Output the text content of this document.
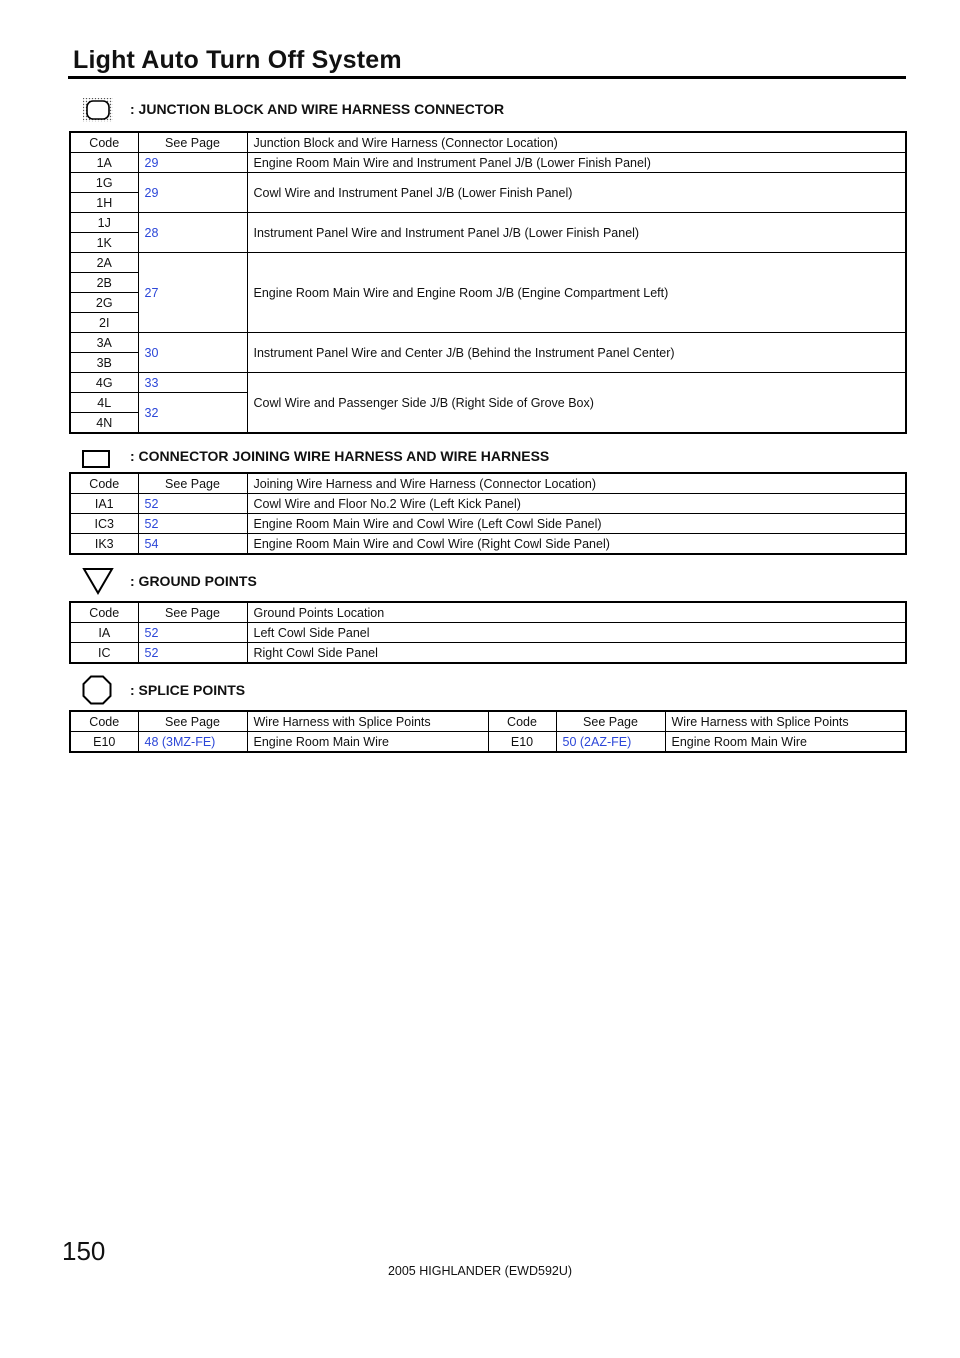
Light Auto Turn Off System
: JUNCTION BLOCK AND WIRE HARNESS CONNECTOR
Code	See Page	Junction Block and Wire Harness (Connector Location)
1A	29	Engine Room Main Wire and Instrument Panel J/B (Lower Finish Panel)
1G	29	Cowl Wire and Instrument Panel J/B (Lower Finish Panel)
1H		
1J	28	Instrument Panel Wire and Instrument Panel J/B (Lower Finish Panel)
1K		
2A	27	Engine Room Main Wire and Engine Room J/B (Engine Compartment Left)
2B		
2G		
2I		
3A	30	Instrument Panel Wire and Center J/B (Behind the Instrument Panel Center)
3B		
4G	33	Cowl Wire and Passenger Side J/B (Right Side of Grove Box)
4L	32	
4N		
: CONNECTOR JOINING WIRE HARNESS AND WIRE HARNESS
Code	See Page	Joining Wire Harness and Wire Harness (Connector Location)
IA1	52	Cowl Wire and Floor No.2 Wire (Left Kick Panel)
IC3	52	Engine Room Main Wire and Cowl Wire (Left Cowl Side Panel)
IK3	54	Engine Room Main Wire and Cowl Wire (Right Cowl Side Panel)
: GROUND POINTS
Code	See Page	Ground Points Location
IA	52	Left Cowl Side Panel
IC	52	Right Cowl Side Panel
: SPLICE POINTS
Code	See Page	Wire Harness with Splice Points	Code	See Page	Wire Harness with Splice Points
E10	48 (3MZ-FE)	Engine Room Main Wire	E10	50 (2AZ-FE)	Engine Room Main Wire
150
2005 HIGHLANDER (EWD592U)
